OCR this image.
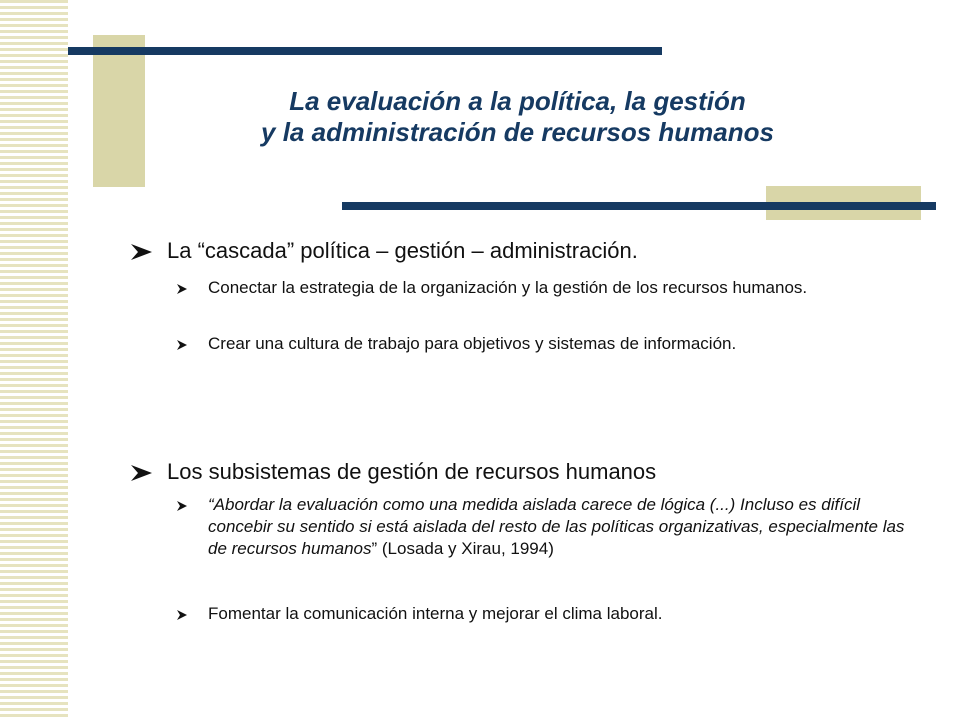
La evaluación a la política, la gestión
y la administración de recursos humanos
La “cascada” política – gestión – administración.
Conectar la estrategia de la organización y la gestión de los recursos humanos.
Crear una cultura de trabajo para objetivos y sistemas de información.
Los subsistemas de gestión de recursos humanos
“Abordar la evaluación como una medida aislada carece de lógica (...) Incluso es difícil concebir su sentido si está aislada del resto de las políticas organizativas, especialmente las de recursos humanos” (Losada y Xirau, 1994)
Fomentar la comunicación interna y mejorar el clima laboral.
